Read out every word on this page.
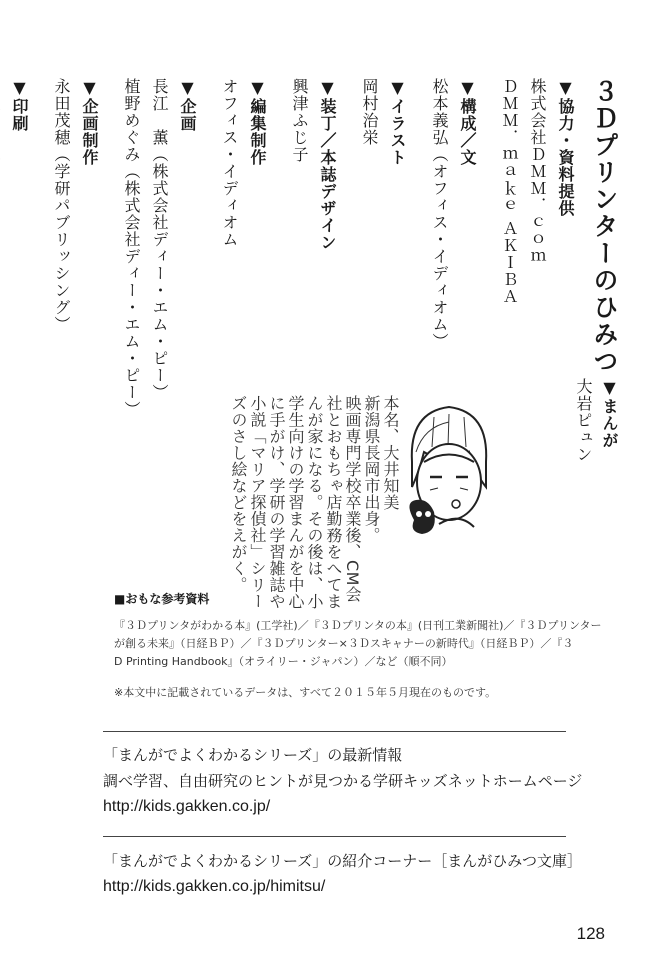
３Ｄプリンターのひみつ

▼協力・資料提供

株式会社ＤＭＭ．ｃｏｍ

ＤＭＭ．ｍａｋｅ ＡＫＩＢＡ

▼構成／文

松本義弘（オフィス・イディオム）

▼イラスト

岡村治栄

▼装丁／本誌デザイン

興津ふじ子

▼編集制作

オフィス・イディオム

▼企画

長江　薫（株式会社ディー・エム・ピー）

植野めぐみ（株式会社ディー・エム・ピー）

▼企画制作

永田茂穂（学研パブリッシング）

▼印刷

▼まんが

大岩ピュン

本名、大井知美

新潟県長岡市出身。

映画専門学校卒業後、CM会

社とおもちゃ店勤務をへてま

んが家になる。その後は、小

学生向けの学習まんがを中心

に手がけ、学研の学習雑誌や

小説「マリア探偵社」シリー

ズのさし絵などをえがく。

■おもな参考資料

『３Ｄプリンタがわかる本』(工学社)／『３Ｄプリンタの本』(日刊工業新聞社)／『３Ｄプリンター

が創る未来』（日経ＢＰ）／『３Ｄプリンター×３Ｄスキャナーの新時代』（日経ＢＰ）／『３

D Printing Handbook』（オライリー・ジャパン）／など（順不同）

※本文中に記載されているデータは、すべて２０１５年５月現在のものです。
「まんがでよくわかるシリーズ」の最新情報
調べ学習、自由研究のヒントが見つかる学研キッズネットホームページ
http://kids.gakken.co.jp/
「まんがでよくわかるシリーズ」の紹介コーナー［まんがひみつ文庫］
http://kids.gakken.co.jp/himitsu/
128
